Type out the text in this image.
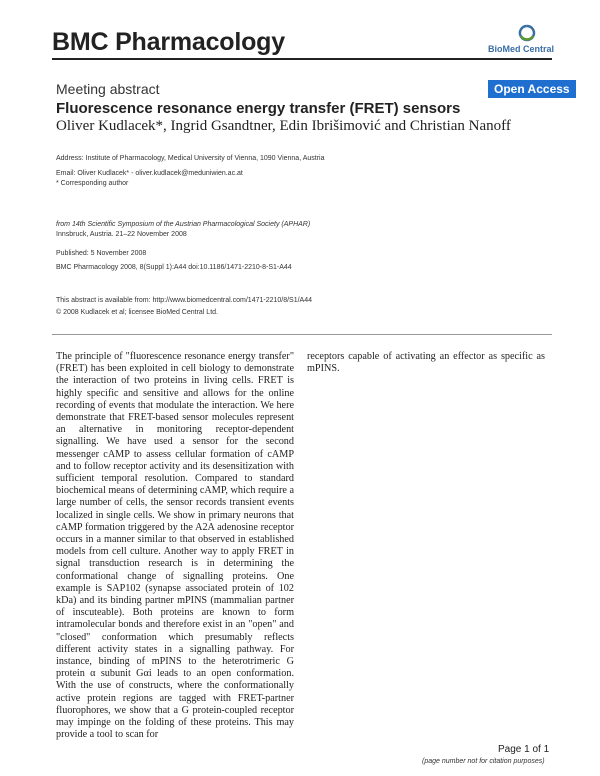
BMC Pharmacology	BioMed Central
Meeting abstract	Open Access
Fluorescence resonance energy transfer (FRET) sensors
Oliver Kudlacek*, Ingrid Gsandtner, Edin Ibrišimović and Christian Nanoff
Address: Institute of Pharmacology, Medical University of Vienna, 1090 Vienna, Austria
Email: Oliver Kudlacek* - oliver.kudlacek@meduniwien.ac.at
* Corresponding author
from 14th Scientific Symposium of the Austrian Pharmacological Society (APHAR)
Innsbruck, Austria. 21–22 November 2008
Published: 5 November 2008
BMC Pharmacology 2008, 8(Suppl 1):A44 doi:10.1186/1471-2210-8-S1-A44
This abstract is available from: http://www.biomedcentral.com/1471-2210/8/S1/A44
© 2008 Kudlacek et al; licensee BioMed Central Ltd.
The principle of "fluorescence resonance energy transfer" (FRET) has been exploited in cell biology to demonstrate the interaction of two proteins in living cells. FRET is highly specific and sensitive and allows for the online recording of events that modulate the interaction. We here demonstrate that FRET-based sensor molecules represent an alternative in monitoring receptor-dependent signalling. We have used a sensor for the second messenger cAMP to assess cellular formation of cAMP and to follow receptor activity and its desensitization with sufficient temporal resolution. Compared to standard biochemical means of determining cAMP, which require a large number of cells, the sensor records transient events localized in single cells. We show in primary neurons that cAMP formation triggered by the A2A adenosine receptor occurs in a manner similar to that observed in established models from cell culture. Another way to apply FRET in signal transduction research is in determining the conformational change of signalling proteins. One example is SAP102 (synapse associated protein of 102 kDa) and its binding partner mPINS (mammalian partner of inscuteable). Both proteins are known to form intramolecular bonds and therefore exist in an "open" and "closed" conformation which presumably reflects different activity states in a signalling pathway. For instance, binding of mPINS to the heterotrimeric G protein α subunit Gαi leads to an open conformation. With the use of constructs, where the conformationally active protein regions are tagged with FRET-partner fluorophores, we show that a G protein-coupled receptor may impinge on the folding of these proteins. This may provide a tool to scan for
receptors capable of activating an effector as specific as mPINS.
Page 1 of 1
(page number not for citation purposes)
